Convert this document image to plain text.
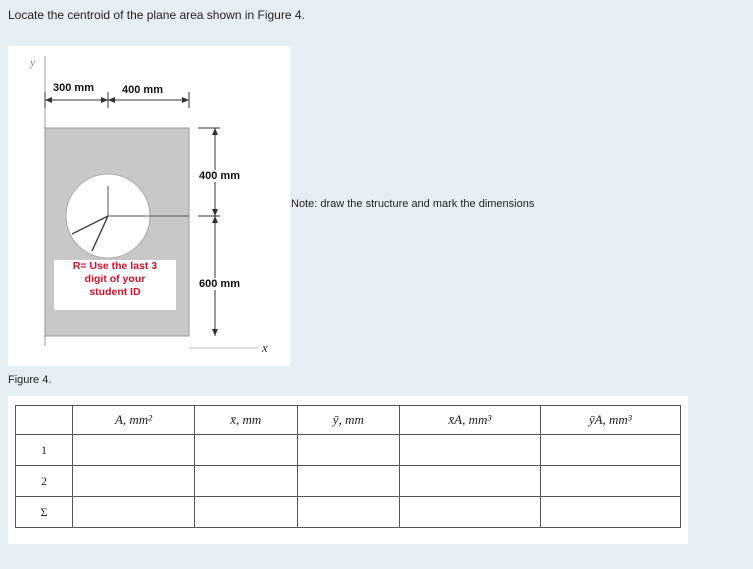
Locate the centroid of the plane area shown in Figure 4.
y
x
300 mm	400 mm
400 mm
600 mm
R= Use the last 3
digit of your
student ID
Note: draw the structure and mark the dimensions
Figure 4.
	A, mm²	x̄, mm	ȳ, mm	x̄A, mm³	ȳA, mm³
1					
2					
Σ					
